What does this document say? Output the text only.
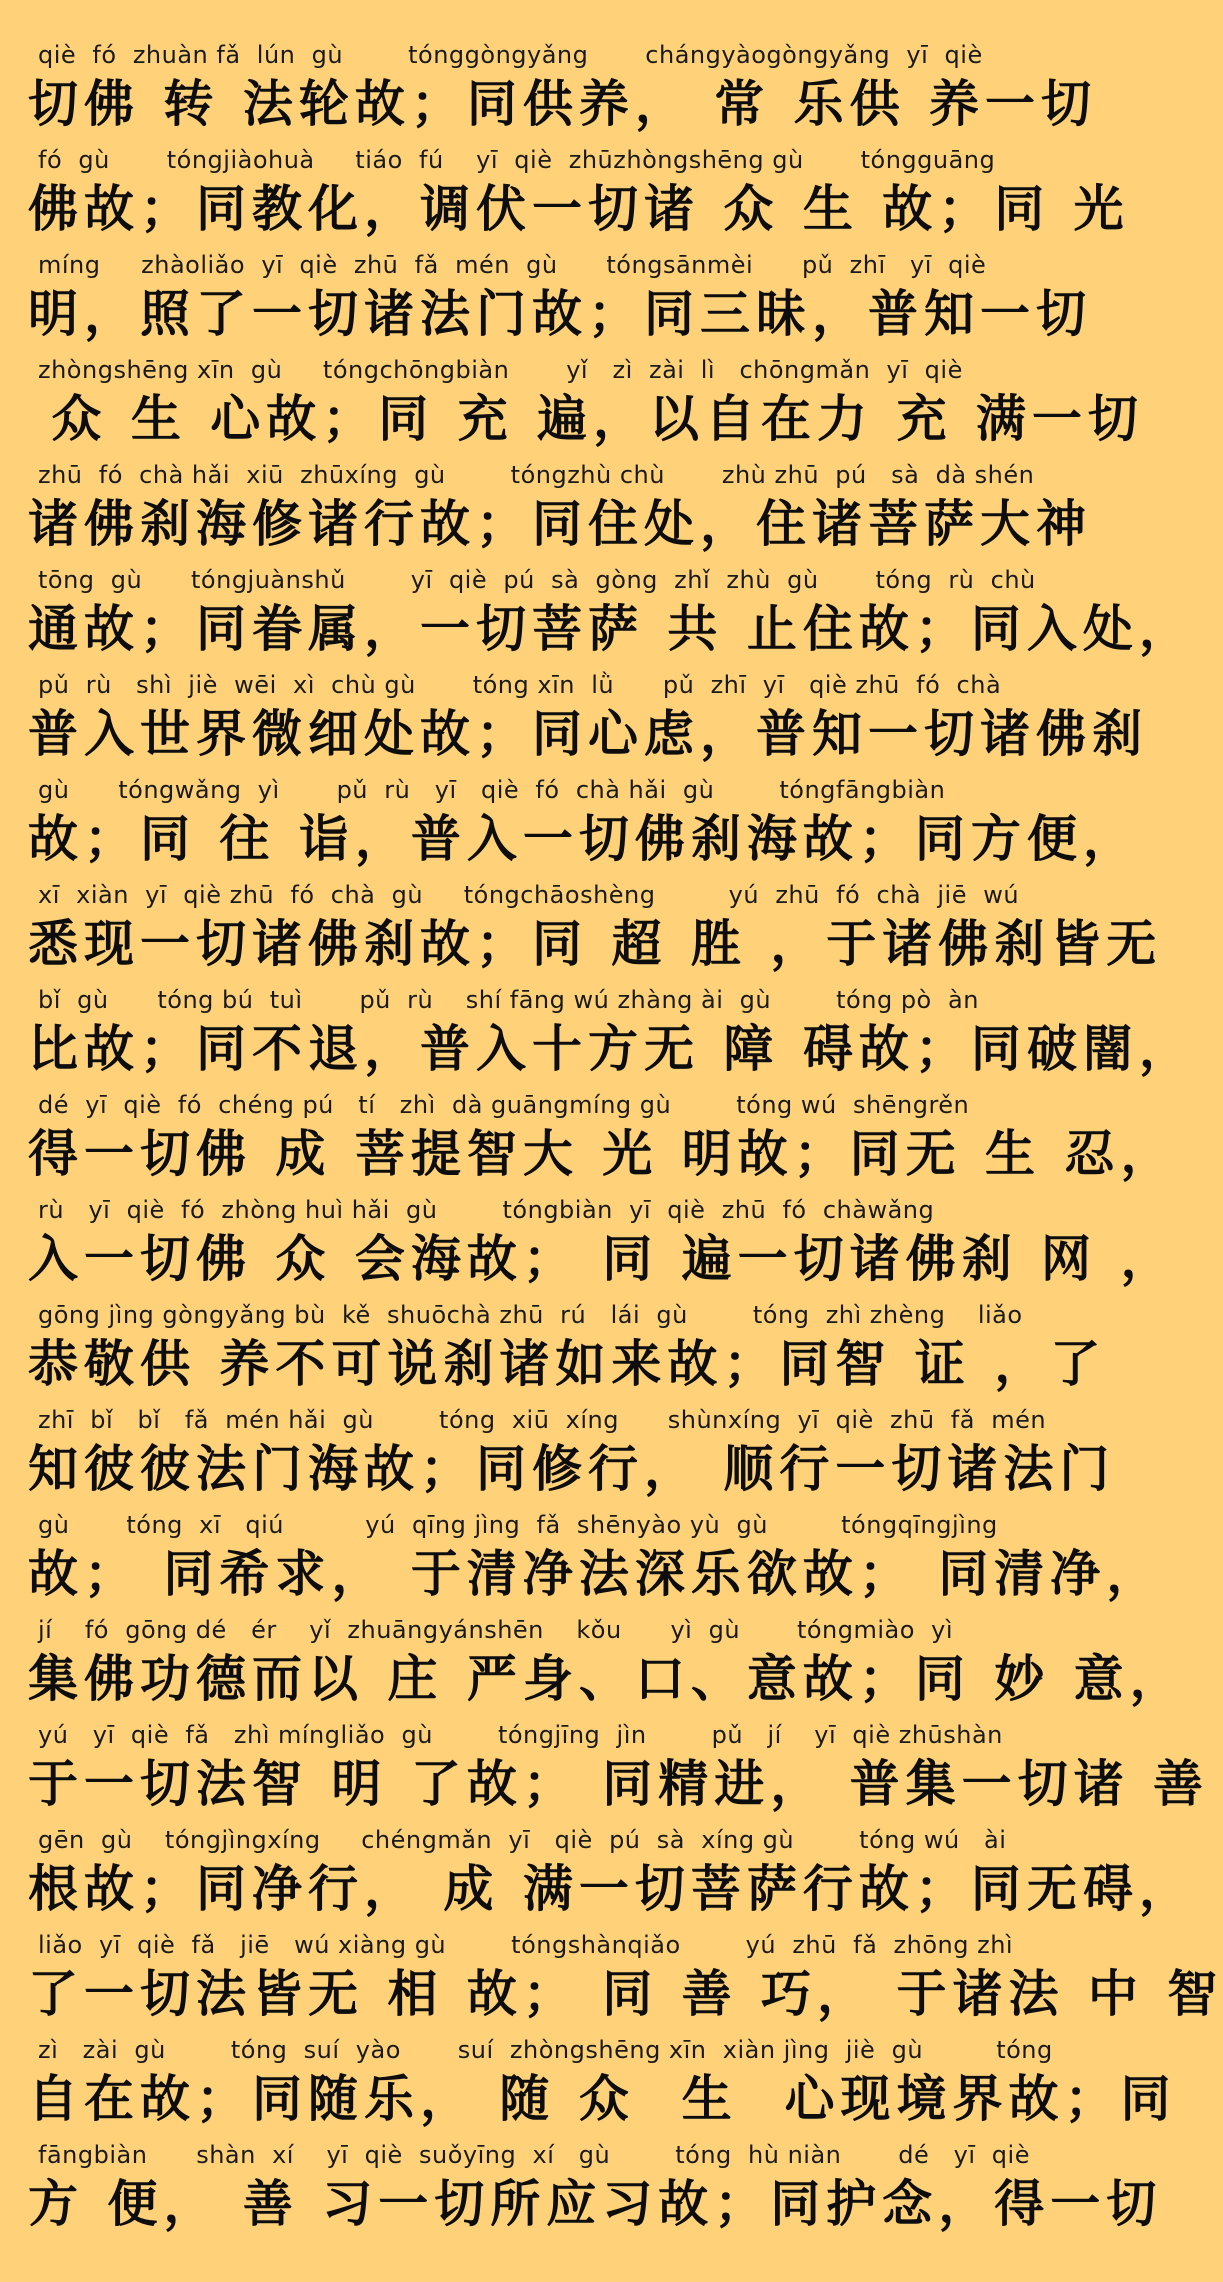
qiè  fó  zhuàn fǎ  lún  gù        tónggòngyǎng       chángyàogòngyǎng  yī  qiè
切佛 转 法轮故；同供养， 常 乐供 养一切
fó  gù       tóngjiàohuà     tiáo  fú    yī  qiè  zhūzhòngshēng gù       tóngguāng
佛故；同教化，调伏一切诸 众 生 故；同 光
míng     zhàoliǎo  yī  qiè  zhū  fǎ  mén  gù      tóngsānmèi      pǔ  zhī   yī  qiè
明，照了一切诸法门故；同三昧，普知一切
zhòngshēng xīn  gù     tóngchōngbiàn       yǐ   zì  zài  lì   chōngmǎn  yī  qiè
众 生 心故；同 充 遍，以自在力 充 满一切
zhū  fó  chà hǎi  xiū  zhūxíng  gù        tóngzhù chù       zhù zhū  pú   sà  dà shén
诸佛刹海修诸行故；同住处，住诸菩萨大神
tōng  gù      tóngjuànshǔ        yī  qiè  pú  sà  gòng  zhǐ  zhù  gù       tóng  rù  chù
通故；同眷属，一切菩萨 共 止住故；同入处，
pǔ  rù   shì  jiè  wēi  xì  chù gù       tóng xīn  lǜ      pǔ  zhī  yī   qiè zhū  fó  chà
普入世界微细处故；同心虑，普知一切诸佛刹
gù      tóngwǎng  yì       pǔ  rù   yī   qiè  fó  chà hǎi  gù        tóngfāngbiàn
故；同 往 诣，普入一切佛刹海故；同方便，
xī  xiàn  yī  qiè zhū  fó  chà  gù     tóngchāoshèng         yú  zhū  fó  chà  jiē  wú
悉现一切诸佛刹故；同 超 胜 ，于诸佛刹皆无
bǐ  gù      tóng bú  tuì       pǔ  rù    shí fāng wú zhàng ài  gù        tóng pò  àn
比故；同不退，普入十方无 障 碍故；同破闇，
dé  yī  qiè  fó  chéng pú   tí   zhì  dà guāngmíng gù        tóng wú  shēngrěn
得一切佛 成 菩提智大 光 明故；同无 生 忍，
rù   yī  qiè  fó  zhòng huì hǎi  gù        tóngbiàn  yī  qiè  zhū  fó  chàwǎng
入一切佛 众 会海故； 同 遍一切诸佛刹 网 ，
gōng jìng gòngyǎng bù  kě  shuōchà zhū  rú   lái  gù        tóng  zhì zhèng    liǎo
恭敬供 养不可说刹诸如来故；同智 证 ，了
zhī  bǐ   bǐ   fǎ  mén hǎi  gù        tóng  xiū  xíng      shùnxíng  yī  qiè  zhū  fǎ  mén
知彼彼法门海故；同修行， 顺行一切诸法门
gù       tóng  xī   qiú          yú  qīng jìng  fǎ  shēnyào yù  gù         tóngqīngjìng
故； 同希求， 于清净法深乐欲故； 同清净，
jí    fó  gōng dé   ér    yǐ  zhuāngyánshēn    kǒu      yì  gù       tóngmiào  yì
集佛功德而以 庄 严身、口、意故；同 妙 意，
yú   yī  qiè  fǎ   zhì míngliǎo  gù        tóngjīng  jìn        pǔ   jí    yī  qiè zhūshàn
于一切法智 明 了故； 同精进， 普集一切诸 善
gēn  gù    tóngjìngxíng     chéngmǎn  yī   qiè  pú  sà  xíng gù        tóng wú   ài
根故；同净行， 成 满一切菩萨行故；同无碍，
liǎo  yī  qiè  fǎ   jiē   wú xiàng gù        tóngshànqiǎo        yú  zhū  fǎ  zhōng zhì
了一切法皆无 相 故； 同 善 巧， 于诸法 中 智
zì   zài  gù        tóng  suí  yào       suí  zhòngshēng xīn  xiàn jìng  jiè  gù         tóng
自在故；同随乐， 随 众  生  心现境界故；同
fāngbiàn      shàn  xí    yī  qiè  suǒyīng  xí   gù        tóng  hù niàn       dé   yī  qiè
方 便， 善 习一切所应习故；同护念，得一切
